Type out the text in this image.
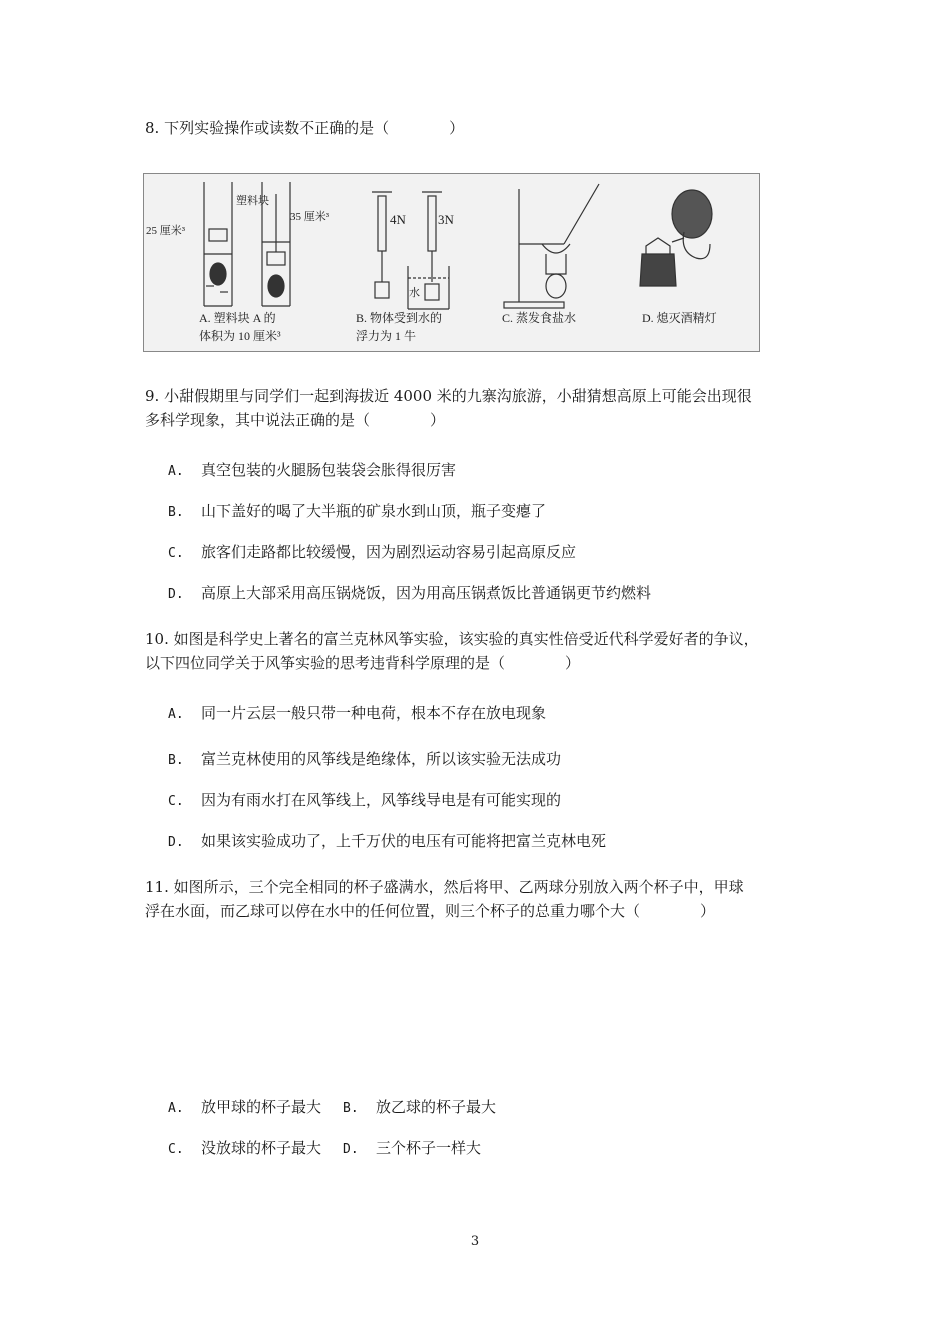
8. 下列实验操作或读数不正确的是（　　　　）
25 厘米³
35 厘米³
塑料块
A. 塑料块 A 的
体积为 10 厘米³
4N 3N
水
B. 物体受到水的
浮力为 1 牛
C. 蒸发食盐水	D. 熄灭酒精灯
9. 小甜假期里与同学们一起到海拔近 4000 米的九寨沟旅游，小甜猜想高原上可能会出现很
多科学现象，其中说法正确的是（　　　　）
A. 真空包装的火腿肠包装袋会胀得很厉害
B. 山下盖好的喝了大半瓶的矿泉水到山顶，瓶子变瘪了
C. 旅客们走路都比较缓慢，因为剧烈运动容易引起高原反应
D. 高原上大部采用高压锅烧饭，因为用高压锅煮饭比普通锅更节约燃料
10. 如图是科学史上著名的富兰克林风筝实验，该实验的真实性倍受近代科学爱好者的争议，
以下四位同学关于风筝实验的思考违背科学原理的是（　　　　）
A. 同一片云层一般只带一种电荷，根本不存在放电现象
B. 富兰克林使用的风筝线是绝缘体，所以该实验无法成功
C. 因为有雨水打在风筝线上，风筝线导电是有可能实现的
D. 如果该实验成功了，上千万伏的电压有可能将把富兰克林电死
11. 如图所示，三个完全相同的杯子盛满水，然后将甲、乙两球分别放入两个杯子中，甲球
浮在水面，而乙球可以停在水中的任何位置，则三个杯子的总重力哪个大（　　　　）
A. 放甲球的杯子最大 B. 放乙球的杯子最大
C. 没放球的杯子最大 D. 三个杯子一样大
3
